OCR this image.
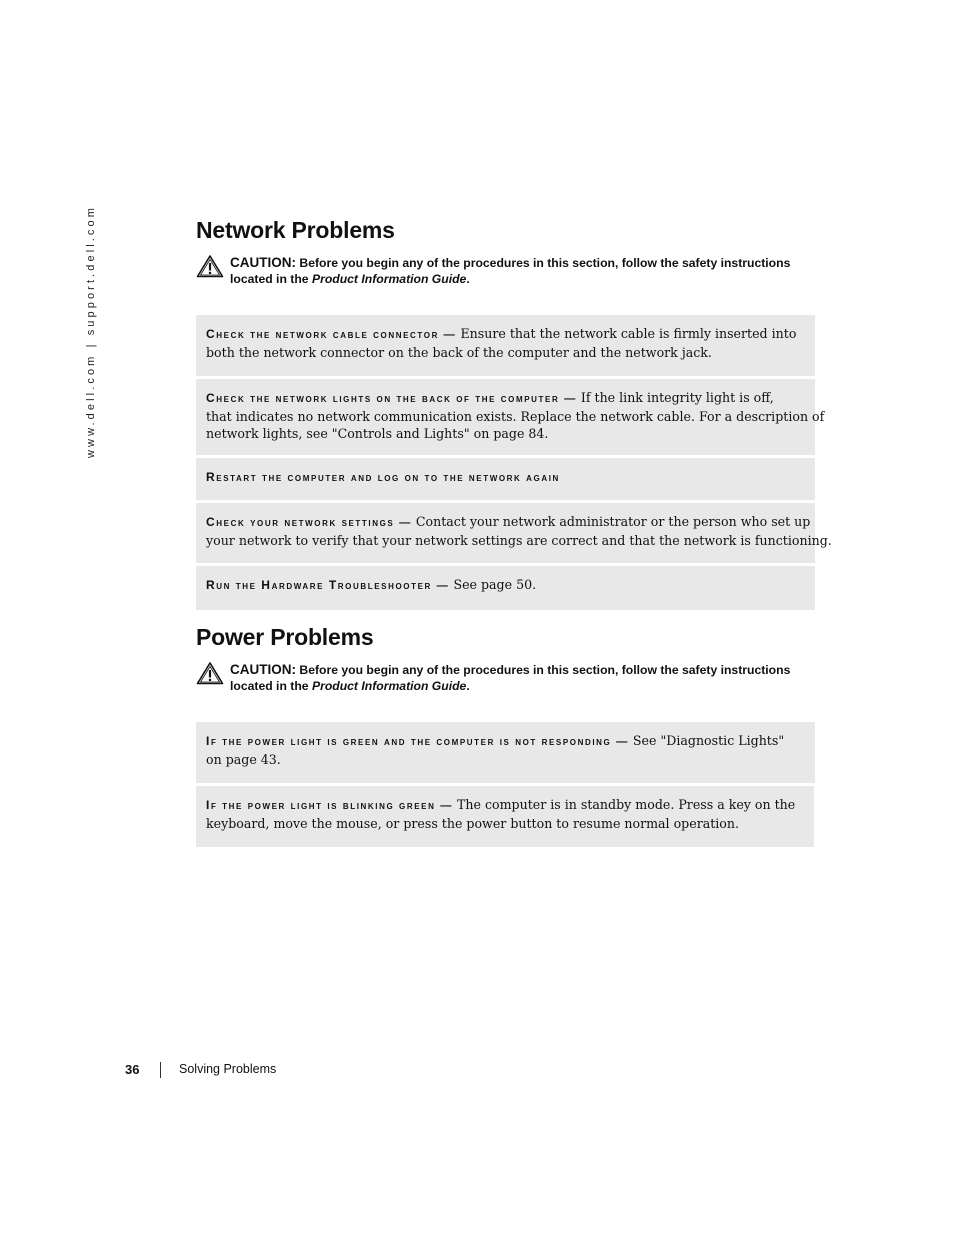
www.dell.com | support.dell.com	Network Problems
CAUTION: Before you begin any of the procedures in this section, follow the safety instructions
located in the Product Information Guide.
Check the network cable connector — Ensure that the network cable is firmly inserted into
both the network connector on the back of the computer and the network jack.
Check the network lights on the back of the computer — If the link integrity light is off,
that indicates no network communication exists. Replace the network cable. For a description of
network lights, see "Controls and Lights" on page 84.
Restart the computer and log on to the network again
Check your network settings — Contact your network administrator or the person who set up
your network to verify that your network settings are correct and that the network is functioning.
Run the Hardware Troubleshooter — See page 50.
Power Problems
CAUTION: Before you begin any of the procedures in this section, follow the safety instructions
located in the Product Information Guide.
If the power light is green and the computer is not responding — See "Diagnostic Lights"
on page 43.
If the power light is blinking green — The computer is in standby mode. Press a key on the
keyboard, move the mouse, or press the power button to resume normal operation.
36	Solving Problems
